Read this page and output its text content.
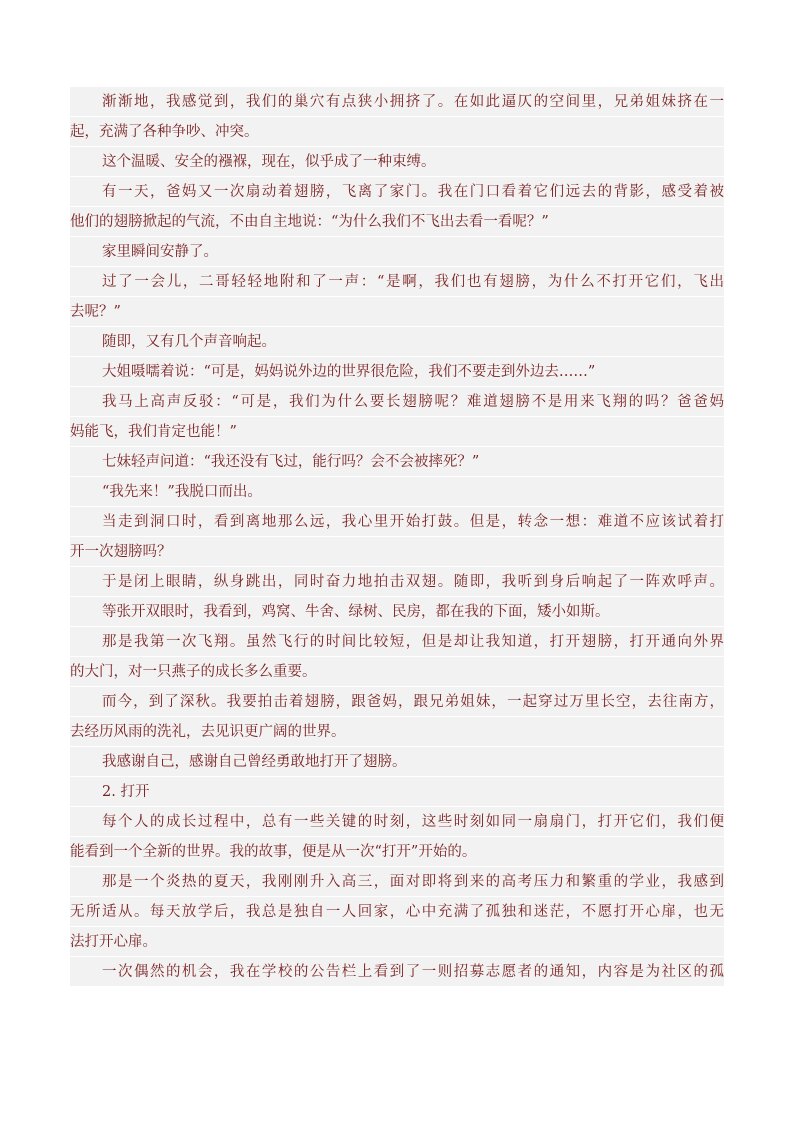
渐渐地，我感觉到，我们的巢穴有点狭小拥挤了。在如此逼仄的空间里，兄弟姐妹挤在一
起，充满了各种争吵、冲突。
这个温暖、安全的襁褓，现在，似乎成了一种束缚。
有一天，爸妈又一次扇动着翅膀，飞离了家门。我在门口看着它们远去的背影，感受着被
他们的翅膀掀起的气流，不由自主地说：“为什么我们不飞出去看一看呢？”
家里瞬间安静了。
过了一会儿，二哥轻轻地附和了一声：“是啊，我们也有翅膀，为什么不打开它们，飞出
去呢？”
随即，又有几个声音响起。
大姐嗫嚅着说：“可是，妈妈说外边的世界很危险，我们不要走到外边去……”
我马上高声反驳：“可是，我们为什么要长翅膀呢？难道翅膀不是用来飞翔的吗？爸爸妈
妈能飞，我们肯定也能！”
七妹轻声问道：“我还没有飞过，能行吗？会不会被摔死？”
“我先来！”我脱口而出。
当走到洞口时，看到离地那么远，我心里开始打鼓。但是，转念一想：难道不应该试着打
开一次翅膀吗？
于是闭上眼睛，纵身跳出，同时奋力地拍击双翅。随即，我听到身后响起了一阵欢呼声。
等张开双眼时，我看到，鸡窝、牛舍、绿树、民房，都在我的下面，矮小如斯。
那是我第一次飞翔。虽然飞行的时间比较短，但是却让我知道，打开翅膀，打开通向外界
的大门，对一只燕子的成长多么重要。
而今，到了深秋。我要拍击着翅膀，跟爸妈，跟兄弟姐妹，一起穿过万里长空，去往南方，
去经历风雨的洗礼，去见识更广阔的世界。
我感谢自己，感谢自己曾经勇敢地打开了翅膀。
2. 打开
每个人的成长过程中，总有一些关键的时刻，这些时刻如同一扇扇门，打开它们，我们便
能看到一个全新的世界。我的故事，便是从一次“打开”开始的。
那是一个炎热的夏天，我刚刚升入高三，面对即将到来的高考压力和繁重的学业，我感到
无所适从。每天放学后，我总是独自一人回家，心中充满了孤独和迷茫，不愿打开心扉，也无
法打开心扉。
一次偶然的机会，我在学校的公告栏上看到了一则招募志愿者的通知，内容是为社区的孤
